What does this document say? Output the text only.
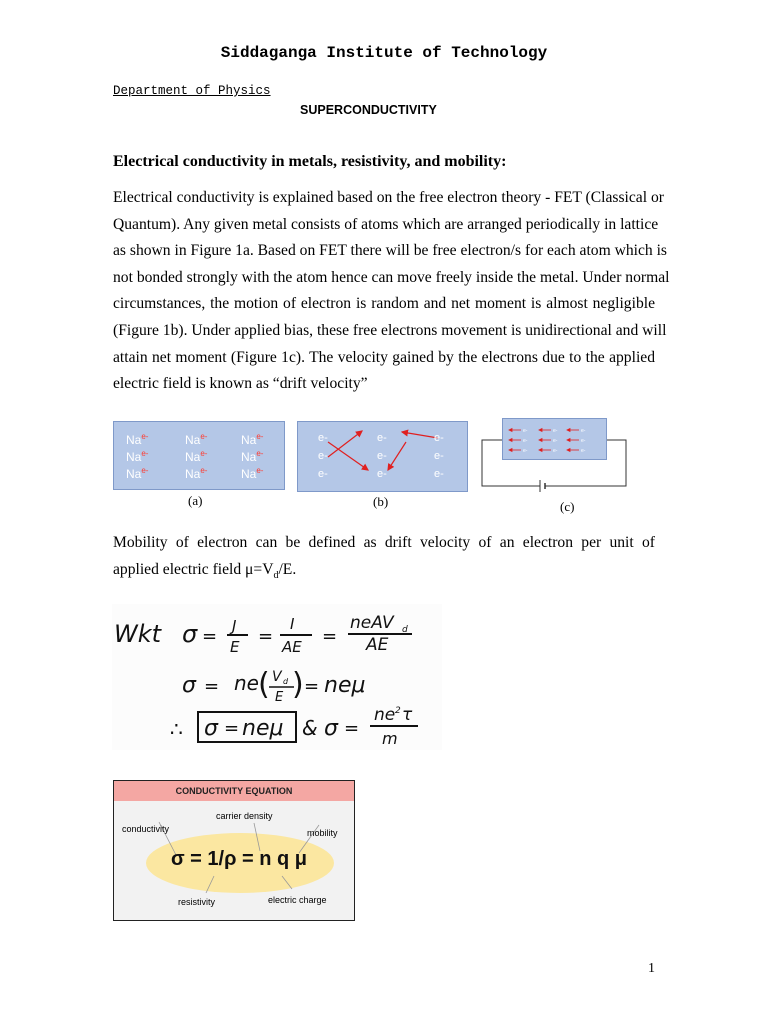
Siddaganga Institute of Technology
Department of Physics
SUPERCONDUCTIVITY
Electrical conductivity in metals, resistivity, and mobility:
Electrical conductivity is explained based on the free electron theory - FET (Classical or
Quantum). Any given metal consists of atoms which are arranged periodically in lattice
as shown in Figure 1a. Based on FET there will be free electron/s for each atom which is
not bonded strongly with the atom hence can move freely inside the metal. Under normal
circumstances, the motion of electron is random and net moment is almost negligible
(Figure 1b). Under applied bias, these free electrons movement is unidirectional and will
attain net moment (Figure 1c). The velocity gained by the electrons due to the applied
electric field is known as “drift velocity”
$Na^{e-}$	$Na^{e-}$	$Na^{e-}$
$Na^{e-}$	$Na^{e-}$	$Na^{e-}$
$Na^{e-}$	$Na^{e-}$	$Na^{e-}$
(a)
e-	e-	e-
e-	e-	e-
e-	e-	e-
(b)
e-	e-	e-
e-	e-	e-
e-	e-	e-
(c)
Mobility of electron can be defined as drift velocity of an electron per unit of
applied electric field $\mu=V_d/E$.
Wkt σ = J
E =
I
AE =
neAV d
AE
σ = ne ( V d
E ) = neμ
∴ σ = neμ & σ =
ne 2 τ
m
CONDUCTIVITY EQUATION
σ = 1/ρ = n q μ
conductivity
carrier density
mobility
resistivity	electric charge
1
